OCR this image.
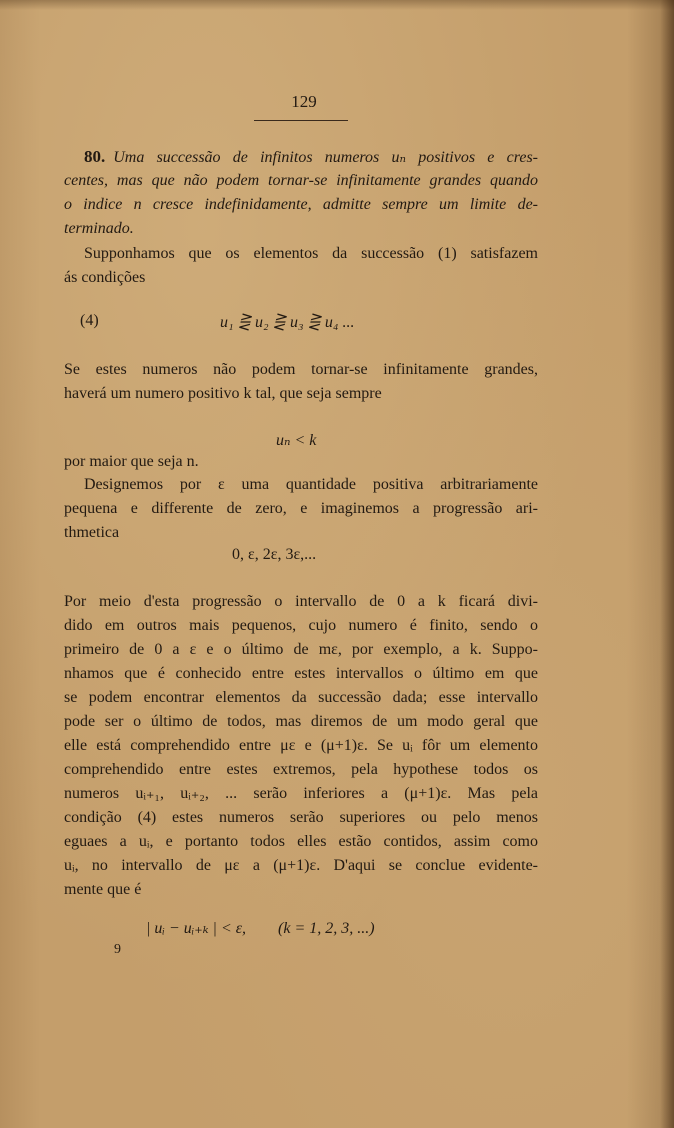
129
80. Uma successão de infinitos numeros uₙ positivos e cres-
centes, mas que não podem tornar-se infinitamente grandes quando
o indice n cresce indefinidamente, admitte sempre um limite de-
terminado.
Supponhamos que os elementos da successão (1) satisfazem
ás condições
(4)	u₁ ⋛ u₂ ⋛ u₃ ⋛ u₄ ...
Se estes numeros não podem tornar-se infinitamente grandes,
haverá um numero positivo k tal, que seja sempre
uₙ < k
por maior que seja n.
Designemos por ε uma quantidade positiva arbitrariamente
pequena e differente de zero, e imaginemos a progressão ari-
thmetica
0, ε, 2ε, 3ε,...
Por meio d'esta progressão o intervallo de 0 a k ficará divi-
dido em outros mais pequenos, cujo numero é finito, sendo o
primeiro de 0 a ε e o último de mε, por exemplo, a k. Suppo-
nhamos que é conhecido entre estes intervallos o último em que
se podem encontrar elementos da successão dada; esse intervallo
pode ser o último de todos, mas diremos de um modo geral que
elle está comprehendido entre με e (μ+1)ε. Se uᵢ fôr um elemento
comprehendido entre estes extremos, pela hypothese todos os
numeros uᵢ₊₁, uᵢ₊₂, ... serão inferiores a (μ+1)ε. Mas pela
condição (4) estes numeros serão superiores ou pelo menos
eguaes a uᵢ, e portanto todos elles estão contidos, assim como
uᵢ, no intervallo de με a (μ+1)ε. D'aqui se conclue evidente-
mente que é
| uᵢ − uᵢ₊ₖ | < ε,        (k = 1, 2, 3, ...)
9
